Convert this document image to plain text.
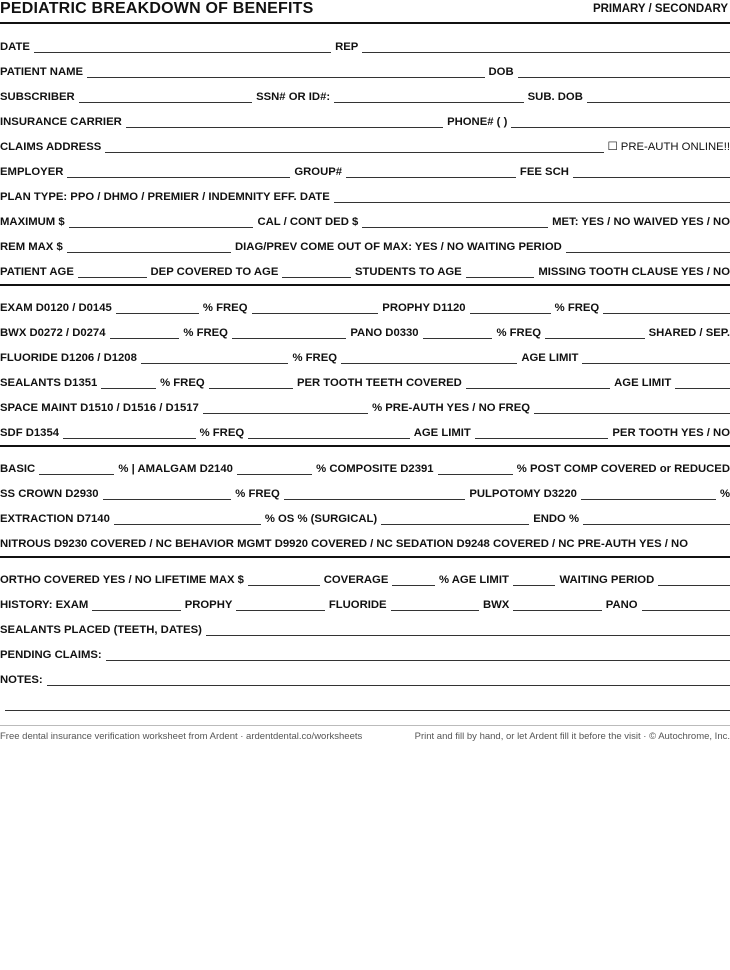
PEDIATRIC BREAKDOWN OF BENEFITS	PRIMARY / SECONDARY
DATE	REP
PATIENT NAME	DOB
SUBSCRIBER	SSN# OR ID#:	SUB. DOB
INSURANCE CARRIER	PHONE# ( )
CLAIMS ADDRESS	☐ PRE-AUTH ONLINE!!
EMPLOYER	GROUP#	FEE SCH
PLAN TYPE: PPO / DHMO / PREMIER / INDEMNITY EFF. DATE
MAXIMUM $	CAL / CONT DED $	MET: YES / NO WAIVED YES / NO
REM MAX $	DIAG/PREV COME OUT OF MAX: YES / NO WAITING PERIOD
PATIENT AGE	DEP COVERED TO AGE	STUDENTS TO AGE	MISSING TOOTH CLAUSE YES / NO
EXAM D0120 / D0145	% FREQ	PROPHY D1120	% FREQ
BWX D0272 / D0274	% FREQ	PANO D0330	% FREQ	SHARED / SEP.
FLUORIDE D1206 / D1208	% FREQ	AGE LIMIT
SEALANTS D1351	% FREQ	PER TOOTH TEETH COVERED	AGE LIMIT
SPACE MAINT D1510 / D1516 / D1517	% PRE-AUTH YES / NO FREQ
SDF D1354	% FREQ	AGE LIMIT	PER TOOTH YES / NO
BASIC	% | AMALGAM D2140	% COMPOSITE D2391	% POST COMP COVERED or REDUCED
SS CROWN D2930	% FREQ	PULPOTOMY D3220	%
EXTRACTION D7140	% OS % (SURGICAL)	ENDO %
NITROUS D9230 COVERED / NC BEHAVIOR MGMT D9920 COVERED / NC SEDATION D9248 COVERED / NC PRE-AUTH YES / NO
ORTHO COVERED YES / NO LIFETIME MAX $	COVERAGE	% AGE LIMIT	WAITING PERIOD
HISTORY: EXAM	PROPHY	FLUORIDE	BWX	PANO
SEALANTS PLACED (TEETH, DATES)
PENDING CLAIMS:
NOTES:
Free dental insurance verification worksheet from Ardent · ardentdental.co/worksheets	Print and fill by hand, or let Ardent fill it before the visit · © Autochrome, Inc.
